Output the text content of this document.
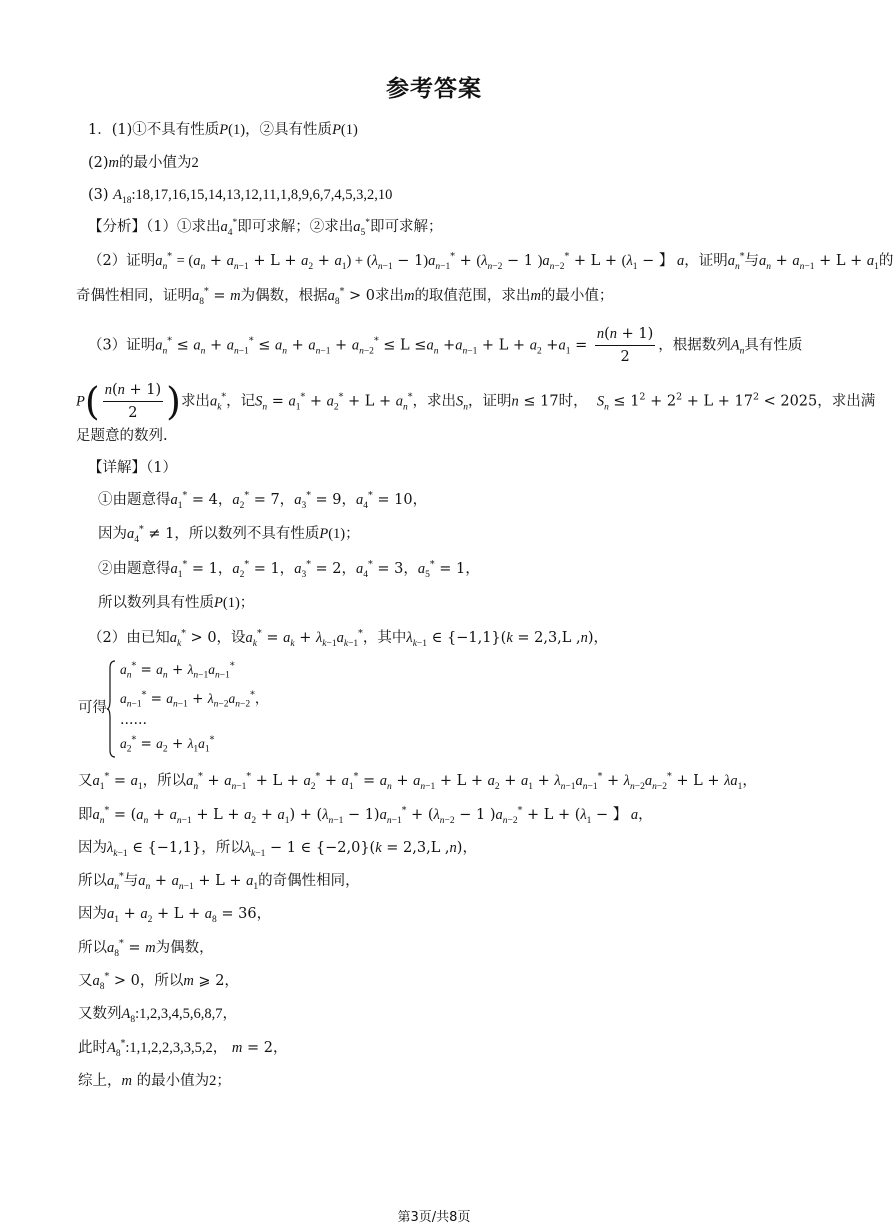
参考答案
1．(1)①不具有性质P(1)，②具有性质P(1)
(2)m的最小值为2
(3) $A_{18}:18,17,16,15,14,13,12,11,1,8,9,6,7,4,5,3,2,10$
【分析】（1）①求出$a_4^*$即可求解；②求出$a_5^*$即可求解；
（2）证明$a_n^* = (a_n + a_{n-1} + L + a_2 + a_1) + (\lambda_{n-1} - 1)a_{n-1}^* + (\lambda_{n-2} - 1$ )$a_{n-2}^* + L + (\lambda_1$ − 】 a，证明$a_n^*$与$a_n + a_{n-1} + L + a_1$的
奇偶性相同，证明$a_8^* = m$为偶数，根据$a_8^* > 0$求出m的取值范围，求出m的最小值；
（3）证明$a_n^* \le a_n + a_{n-1}^* \le a_n + a_{n-1} + a_{n-2}^* \le L \le a_n +a_{n-1} + L + a_2 +a_1 = \frac{n(n + 1)}{2}$ ，根据数列$A_n$具有性质
$P( \frac{n(n + 1)}{2}$ )求出$a_k^*$，记$S_n = a_1^* + a_2^* + L + a_n^*$，求出$S_n$，证明n ≤ 17时， $S_n \le 1^2 + 2^2 + L + 17^2 < 2025$，求出满
足题意的数列.
【详解】（1）
①由题意得$a_1^* = 4$，$a_2^* = 7$，$a_3^* = 9$，$a_4^* = 10$，
因为$a_4^* \ne 1$，所以数列不具有性质P(1)；
②由题意得$a_1^* = 1$，$a_2^* = 1$，$a_3^* = 2$，$a_4^* = 3$，$a_5^* = 1$，
所以数列具有性质P(1)；
（2）由已知$a_k^* > 0$，设$a_k^* = a_k + \lambda_{k-1}a_{k-1}^*$，其中$\lambda_{k-1}$ ∈ {−1,1}(k = 2,3,L ,n)，
可得
$a_n^* = a_n + \lambda_{n-1}a_{n-1}^*$
$a_{n-1}^* = a_{n-1} + \lambda_{n-2}a_{n-2}^*$，
……
$a_2^* = a_2 + \lambda_1a_1^*$
又$a_1^* = a_1$，所以$a_n^* + a_{n-1}^* + L + a_2^* + a_1^* = a_n + a_{n-1} + L + a_2 + a_1 + \lambda_{n-1}a_{n-1}^* + \lambda_{n-2}a_{n-2}^* + L + \lambda a_1$，
即$a_n^* = (a_n + a_{n-1} + L + a_2 + a_1) + (\lambda_{n-1} - 1)a_{n-1}^* + (\lambda_{n-2} - 1$ )$a_{n-2}^* + L + (\lambda_1$ − 】 a，
因为$\lambda_{k-1}$ ∈ {−1,1}，所以$\lambda_{k-1} - 1$ ∈ {−2,0}(k = 2,3,L ,n)，
所以$a_n^*$与$a_n + a_{n-1} + L + a_1$的奇偶性相同，
因为$a_1 + a_2 + L + a_8 = 36$，
所以$a_8^* = m$为偶数，
又$a_8^* > 0$，所以m ⩾ 2，
又数列$A_8:1,2,3,4,5,6,8,7$，
此时$A_8^*:1,1,2,2,3,3,5,2$， m = 2，
综上，m 的最小值为2；
第3页/共8页
